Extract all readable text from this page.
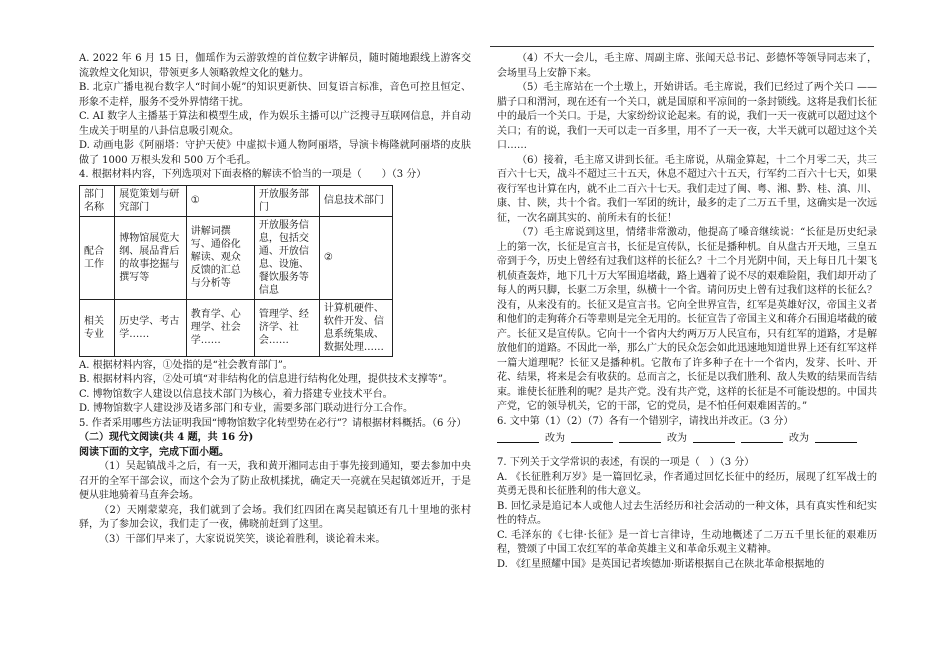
A. 2022 年 6 月 15 日，伽瑶作为云游敦煌的首位数字讲解员，随时随地跟线上游客交流敦煌文化知识，带领更多人领略敦煌文化的魅力。

B. 北京广播电视台数字人“时间小妮”的知识更新快、回复语言标准，音色可控且恒定、形象不走样，服务不受外界情绪干扰。

C. AI 数字人主播基于算法和模型生成，作为娱乐主播可以广泛搜寻互联网信息，并自动生成关于明星的八卦信息吸引观众。

D. 动画电影《阿丽塔：守护天使》中虚拟卡通人物阿丽塔，导演卡梅隆就阿丽塔的皮肤做了 1000 万根头发和 500 万个毛孔。

4. 根据材料内容，下列选项对下面表格的解读不恰当的一项是（　　）（3 分）

部门名称	展览策划与研究部门	①	开放服务部门	信息技术部门
配合工作	博物馆展览大纲、展品背后的故事挖掘与撰写等	讲解词撰写、通俗化解读、观众反馈的汇总与分析等	开放服务信息，包括交通、开放信息、设施、餐饮服务等信息	②
相关专业	历史学、考古学……	教育学、心理学、社会学……	管理学、经济学、社会……	计算机硬件、软件开发、信息系统集成、数据处理……

A. 根据材料内容，①处指的是“社会教育部门”。

B. 根据材料内容，②处可填“对非结构化的信息进行结构化处理，提供技术支撑等”。

C. 博物馆数字人建设以信息技术部门为核心，着力搭建专业技术平台。

D. 博物馆数字人建设涉及诸多部门和专业，需要多部门联动进行分工合作。

5. 作者采用哪些方法证明我国“博物馆数字化转型势在必行”？请根据材料概括。（6 分）

（二）现代文阅读(共 4 题，共 16 分)

阅读下面的文字，完成下面小题。

（1）吴起镇战斗之后，有一天，我和黄开湘同志由于事先接到通知，要去参加中央召开的全军干部会议，而这个会为了防止敌机揉扰，确定天一亮就在吴起镇郊近开，于是便从驻地骑着马直奔会场。

（2）天刚蒙蒙亮，我们就到了会场。我们红四团在离吴起镇还有几十里地的张村驿，为了参加会议，我们走了一夜，佛晓前赶到了这里。

（3）干部们早来了，大家说说笑笑，谈论着胜利，谈论着未来。

（4）不大一会儿，毛主席、周副主席、张闻天总书记、彭德怀等领导同志来了，会场里马上安静下来。

（5）毛主席站在一个土墩上，开始讲话。毛主席说，我们已经过了两个关口 —— 腊子口和渭河，现在还有一个关口，就是国原和平凉间的一条封锁线。这将是我们长征中的最后一个关口。于是，大家纷纷议论起来。有的说，我们一天一夜就可以超过这个关口；有的说，我们一天可以走一百多里，用不了一天一夜，大半天就可以超过这个关口……

（6）接着，毛主席又讲到长征。毛主席说，从瑞金算起，十二个月零二天，共三百六十七天，战斗不超过三十五天，休息不超过六十五天，行军约二百六十七天，如果夜行军也计算在内，就不止二百六十七天。我们走过了闽、粤、湘、黔、桂、滇、川、康、甘、陕，共十个省。我们一军团的统计，最多的走了二万五千里，这确实是一次远征，一次名副其实的、前所未有的长征！

（7）毛主席说到这里，情绪非常激动，他提高了嗓音继续说：“长征是历史纪录上的第一次，长征是宣言书，长征是宣传队，长征是播种机。自从盘古开天地，三皇五帝到于今，历史上曾经有过我们这样的长征么？十二个月光阴中间，天上每日几十架飞机侦查轰炸，地下几十万大军围追堵截，路上遇着了说不尽的艰难险阻，我们却开动了每人的两只脚，长驱二万余里，纵横十一个省。请问历史上曾有过我们这样的长征么？没有，从来没有的。长征又是宣言书。它向全世界宣告，红军是英雄好汉，帝国主义者和他们的走狗蒋介石等辈则是完全无用的。长征宣告了帝国主义和蒋介石围追堵截的破产。长征又是宣传队。它向十一个省内大约两万万人民宣布，只有红军的道路，才是解放他们的道路。不因此一举，那么广大的民众怎会如此迅速地知道世界上还有红军这样一篇大道理呢？长征又是播种机。它散布了许多种子在十一个省内，发芽、长叶、开花、结果，将来是会有收获的。总而言之，长征是以我们胜利、敌人失败的结果而告结束。谁使长征胜利的呢？是共产党。没有共产党，这样的长征是不可能设想的。中国共产党，它的领导机关，它的干部，它的党员，是不怕任何艰难困苦的。”

6. 文中第（1）（2）（7）各有一个错别字，请找出并改正。（3 分）

改为	改为	改为

7. 下列关于文学常识的表述，有误的一项是（　）（3 分）

A. 《长征胜利万岁》是一篇回忆录，作者通过回忆长征中的经历，展现了红军战士的英勇无畏和长征胜利的伟大意义。

B. 回忆录是追记本人或他人过去生活经历和社会活动的一种文体，具有真实性和纪实性的特点。

C. 毛泽东的《七律·长征》是一首七言律诗，生动地概述了二万五千里长征的艰难历程，赞颂了中国工农红军的革命英雄主义和革命乐观主义精神。

D. 《红星照耀中国》是英国记者埃德加·斯诺根据自己在陕北革命根据地的
